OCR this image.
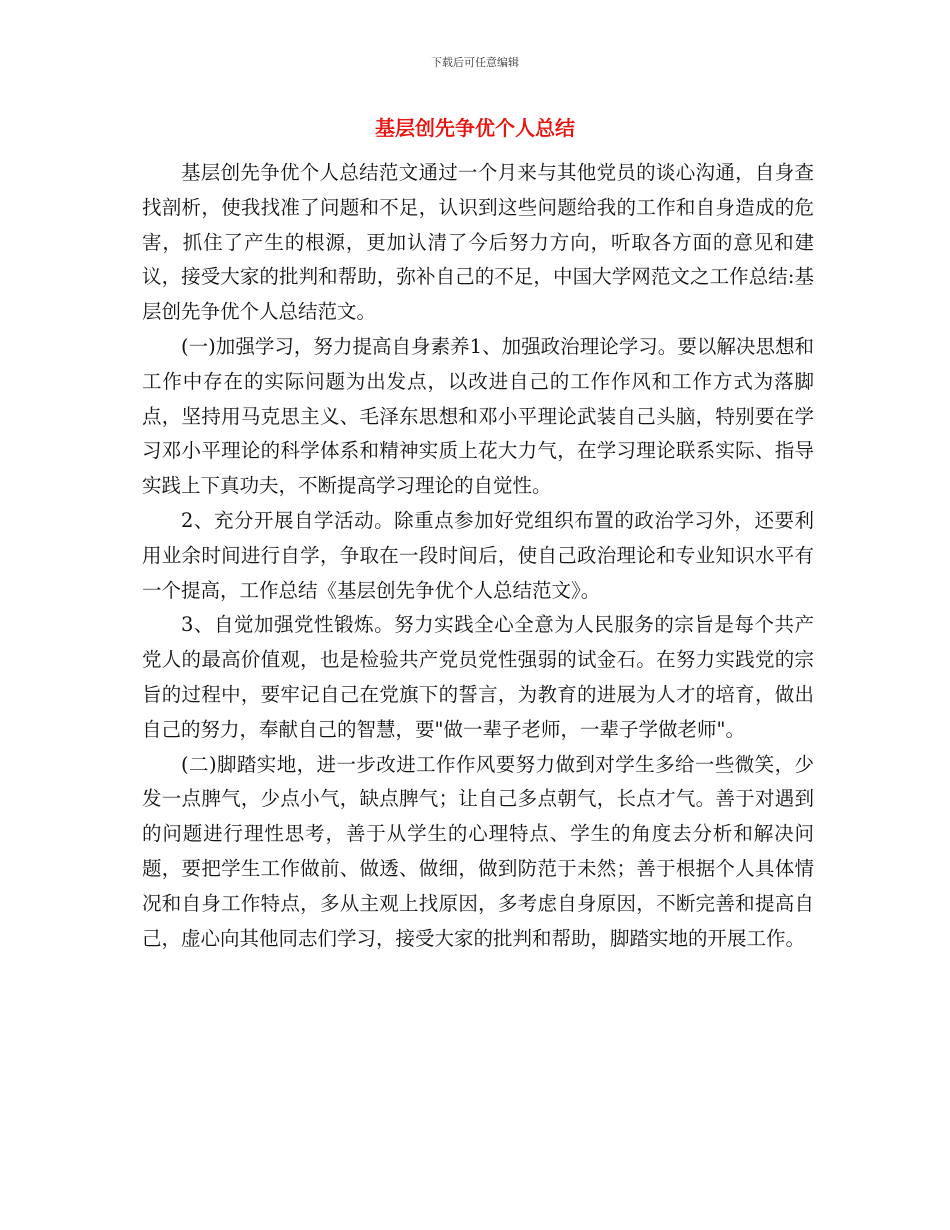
下载后可任意编辑
基层创先争优个人总结

基层创先争优个人总结范文通过一个月来与其他党员的谈心沟通，自身查找剖析，使我找准了问题和不足，认识到这些问题给我的工作和自身造成的危害，抓住了产生的根源，更加认清了今后努力方向，听取各方面的意见和建议，接受大家的批判和帮助，弥补自己的不足，中国大学网范文之工作总结:基层创先争优个人总结范文。

(一)加强学习，努力提高自身素养1、加强政治理论学习。要以解决思想和工作中存在的实际问题为出发点，以改进自己的工作作风和工作方式为落脚点，坚持用马克思主义、毛泽东思想和邓小平理论武装自己头脑，特别要在学习邓小平理论的科学体系和精神实质上花大力气，在学习理论联系实际、指导实践上下真功夫，不断提高学习理论的自觉性。

2、充分开展自学活动。除重点参加好党组织布置的政治学习外，还要利用业余时间进行自学，争取在一段时间后，使自己政治理论和专业知识水平有一个提高，工作总结《基层创先争优个人总结范文》。

3、自觉加强党性锻炼。努力实践全心全意为人民服务的宗旨是每个共产党人的最高价值观，也是检验共产党员党性强弱的试金石。在努力实践党的宗旨的过程中，要牢记自己在党旗下的誓言，为教育的进展为人才的培育，做出自己的努力，奉献自己的智慧，要"做一辈子老师，一辈子学做老师"。

(二)脚踏实地，进一步改进工作作风要努力做到对学生多给一些微笑，少发一点脾气，少点小气，缺点脾气；让自己多点朝气，长点才气。善于对遇到的问题进行理性思考，善于从学生的心理特点、学生的角度去分析和解决问题，要把学生工作做前、做透、做细，做到防范于未然；善于根据个人具体情况和自身工作特点，多从主观上找原因，多考虑自身原因，不断完善和提高自己，虚心向其他同志们学习，接受大家的批判和帮助，脚踏实地的开展工作。
